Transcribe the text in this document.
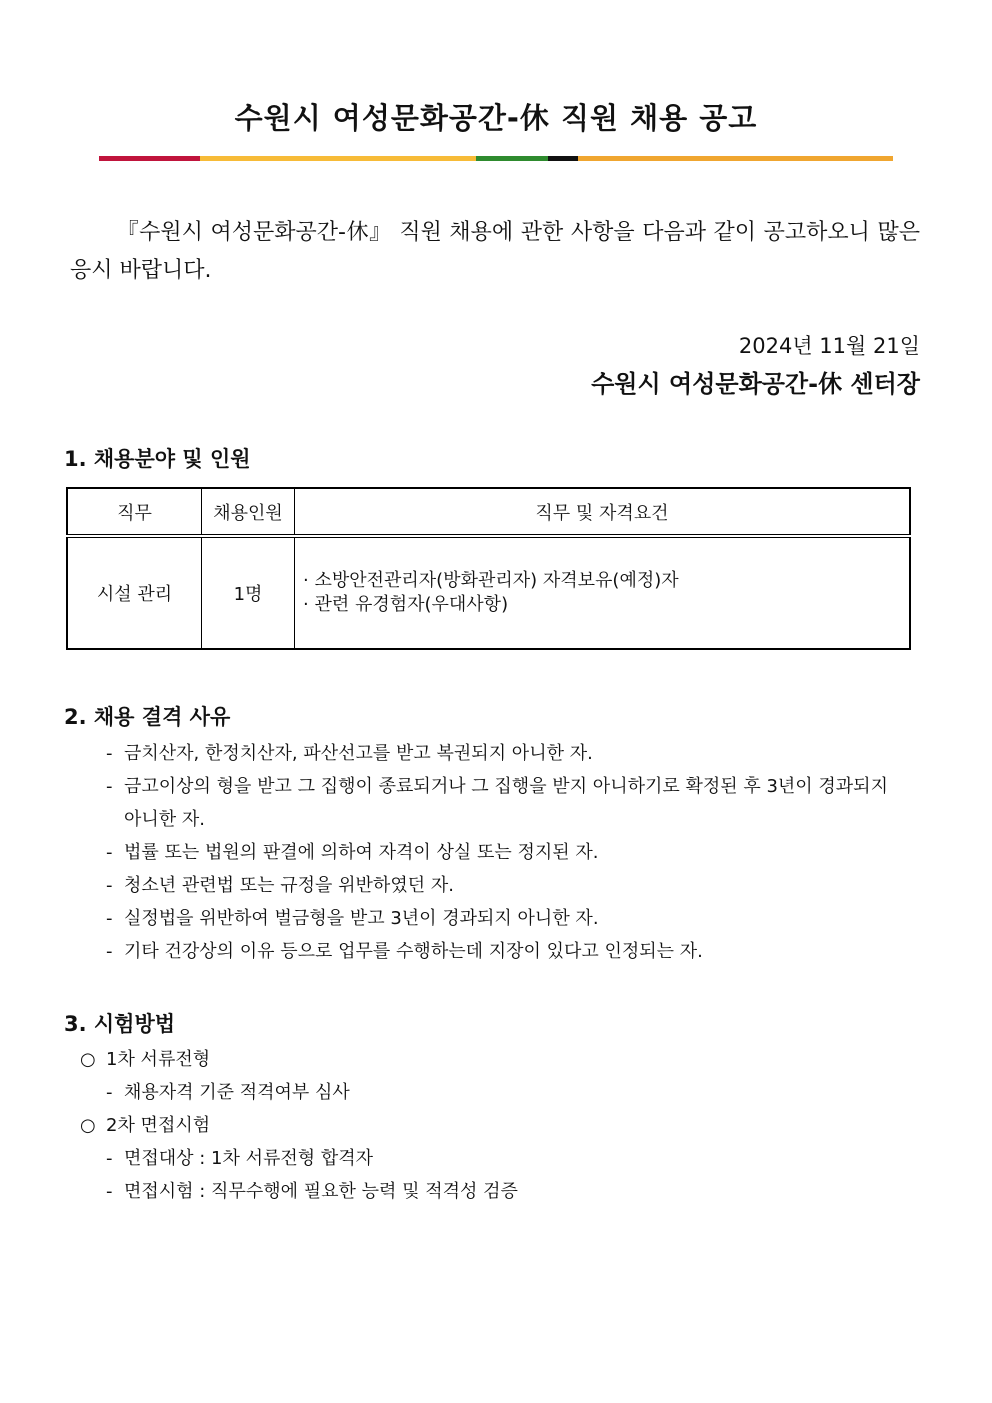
수원시 여성문화공간-休 직원 채용 공고
『수원시 여성문화공간-休』 직원 채용에 관한 사항을 다음과 같이 공고하오니 많은 응시 바랍니다.
2024년 11월 21일
수원시 여성문화공간-休 센터장
1. 채용분야 및 인원
직무	채용인원	직무 및 자격요건
시설 관리	1명	· 소방안전관리자(방화관리자) 자격보유(예정)자
· 관련 유경험자(우대사항)
2. 채용 결격 사유
- 금치산자, 한정치산자, 파산선고를 받고 복권되지 아니한 자.
- 금고이상의 형을 받고 그 집행이 종료되거나 그 집행을 받지 아니하기로 확정된 후 3년이 경과되지
아니한 자.
- 법률 또는 법원의 판결에 의하여 자격이 상실 또는 정지된 자.
- 청소년 관련법 또는 규정을 위반하였던 자.
- 실정법을 위반하여 벌금형을 받고 3년이 경과되지 아니한 자.
- 기타 건강상의 이유 등으로 업무를 수행하는데 지장이 있다고 인정되는 자.
3. 시험방법
○ 1차 서류전형
- 채용자격 기준 적격여부 심사
○ 2차 면접시험
- 면접대상 : 1차 서류전형 합격자
- 면접시험 : 직무수행에 필요한 능력 및 적격성 검증
